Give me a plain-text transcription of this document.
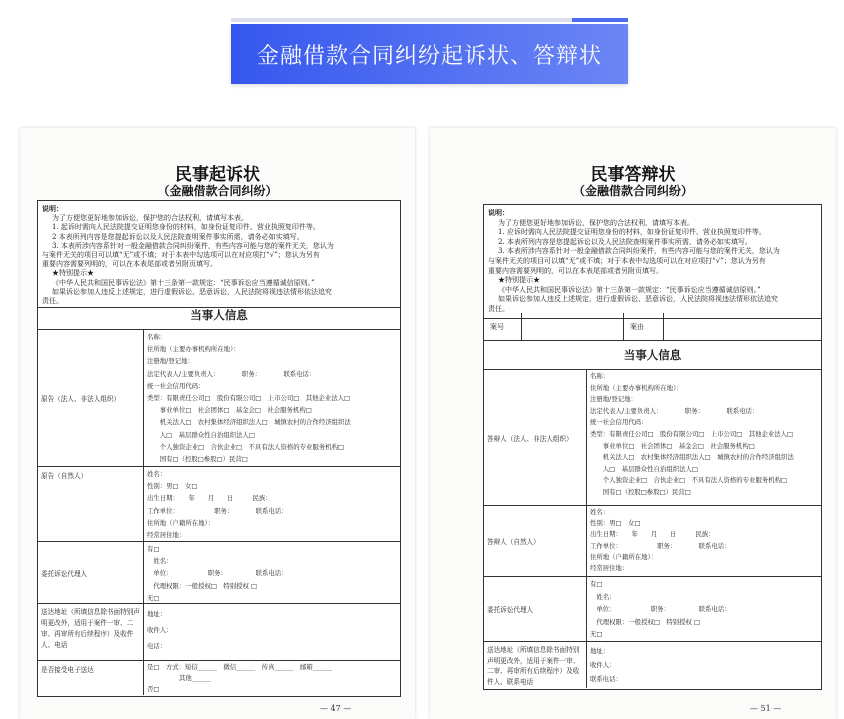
金融借款合同纠纷起诉状、答辩状
民事起诉状
（金融借款合同纠纷）
说明：
为了方便您更好地参加诉讼，保护您的合法权利，请填写本表。
1. 起诉时需向人民法院提交证明您身份的材料，如身份证复印件、营业执照复印件等。
2 本表所列内容是您提起诉讼以及人民法院查明案件事实所需，请务必如实填写。
3. 本表所涉内容系针对一般金融借款合同纠纷案件，有些内容可能与您的案件无关，您认为
与案件无关的项目可以填“无”或不填；对于本表中勾选项可以在对应项打“√”；您认为另有
重要内容需要列明的，可以在本表尾部或者另附页填写。
★特别提示★
《中华人民共和国民事诉讼法》第十三条第一款规定：“民事诉讼应当遵循诚信原则。”
如果诉讼参加人违反上述规定，进行虚假诉讼、恶意诉讼，人民法院将视违法情形依法追究
责任。
当事人信息
原告（法人、非法人组织）
名称：
住所地（主要办事机构所在地）：
注册地/登记地：
法定代表人/主要负责人：　　　　职务：　　　　联系电话：
统一社会信用代码：
类型：有限责任公司□　股份有限公司□　上市公司□　其他企业法人□
　　事业单位□　社会团体□　基金会□　社会服务机构□
　　机关法人□　农村集体经济组织法人□　城镇农村的合作经济组织法
　　人□　基层群众性自治组织法人□
　　个人独资企业□　合伙企业□　不具有法人资格的专业服务机构□
　　国有□（控股□参股□）民营□
原告（自然人）	姓名：
性别：男□　女□
出生日期：　　年　　月　　日　　　民族：
工作单位：　　　　　　职务：　　　　联系电话：
住所地（户籍所在地）：
经常居住地：
委托诉讼代理人
有□
　姓名：
　单位：　　　　　　职务：　　　　　联系电话：
　代理权限：一般授权□　特别授权 □
无□
送达地址（所填信息除书面特别声明更改外，适用于案件一审、二审、再审所有后续程序）及收件人、电话
地址：
收件人：
电话：
是否接受电子送达	是□　方式：短信______　微信______　传真______　邮箱______
　　　　　其他______
否□
— 47 —
民事答辩状
（金融借款合同纠纷）
说明：
为了方便您更好地参加诉讼，保护您的合法权利，请填写本表。
1. 应诉时需向人民法院提交证明您身份的材料，如身份证复印件、营业执照复印件等。
2. 本表所列内容是您提起诉讼以及人民法院查明案件事实所需，请务必如实填写。
3. 本表所涉内容系针对一般金融借款合同纠纷案件，有些内容可能与您的案件无关，您认为
与案件无关的项目可以填“无”或不填；对于本表中勾选项可以在对应项打“√”；您认为另有
重要内容需要列明的，可以在本表尾部或者另附页填写。
★特别提示★
《中华人民共和国民事诉讼法》第十三条第一款规定：“民事诉讼应当遵循诚信原则。”
如果诉讼参加人违反上述规定，进行虚假诉讼、恶意诉讼，人民法院将视违法情形依法追究
责任。
案号	案由
当事人信息
答辩人（法人、非法人组织）
名称：
住所地（主要办事机构所在地）：
注册地/登记地：
法定代表人/主要负责人：　　　　职务：　　　　联系电话：
统一社会信用代码：
类型：有限责任公司□　股份有限公司□　上市公司□　其他企业法人□
　　事业单位□　社会团体□　基金会□　社会服务机构□
　　机关法人□　农村集体经济组织法人□　城镇农村的合作经济组织法
　　人□　基层群众性自治组织法人□
　　个人独资企业□　合伙企业□　不具有法人资格的专业服务机构□
　　国有□（控股□参股□）民营□
答辩人（自然人）
姓名：
性别：男□　女□
出生日期：　　年　　月　　日　　　民族：
工作单位：　　　　　　职务：　　　　联系电话：
住所地（户籍所在地）：
经常居住地：
委托诉讼代理人
有□
　姓名：
　单位：　　　　　　职务：　　　　　联系电话：
　代理权限：一般授权□　特别授权 □
无□
送达地址（所填信息除书面特别声明更改外，适用于案件一审、二审、再审所有后续程序）及收件人、联系电话
地址：
收件人：
联系电话：
— 51 —
